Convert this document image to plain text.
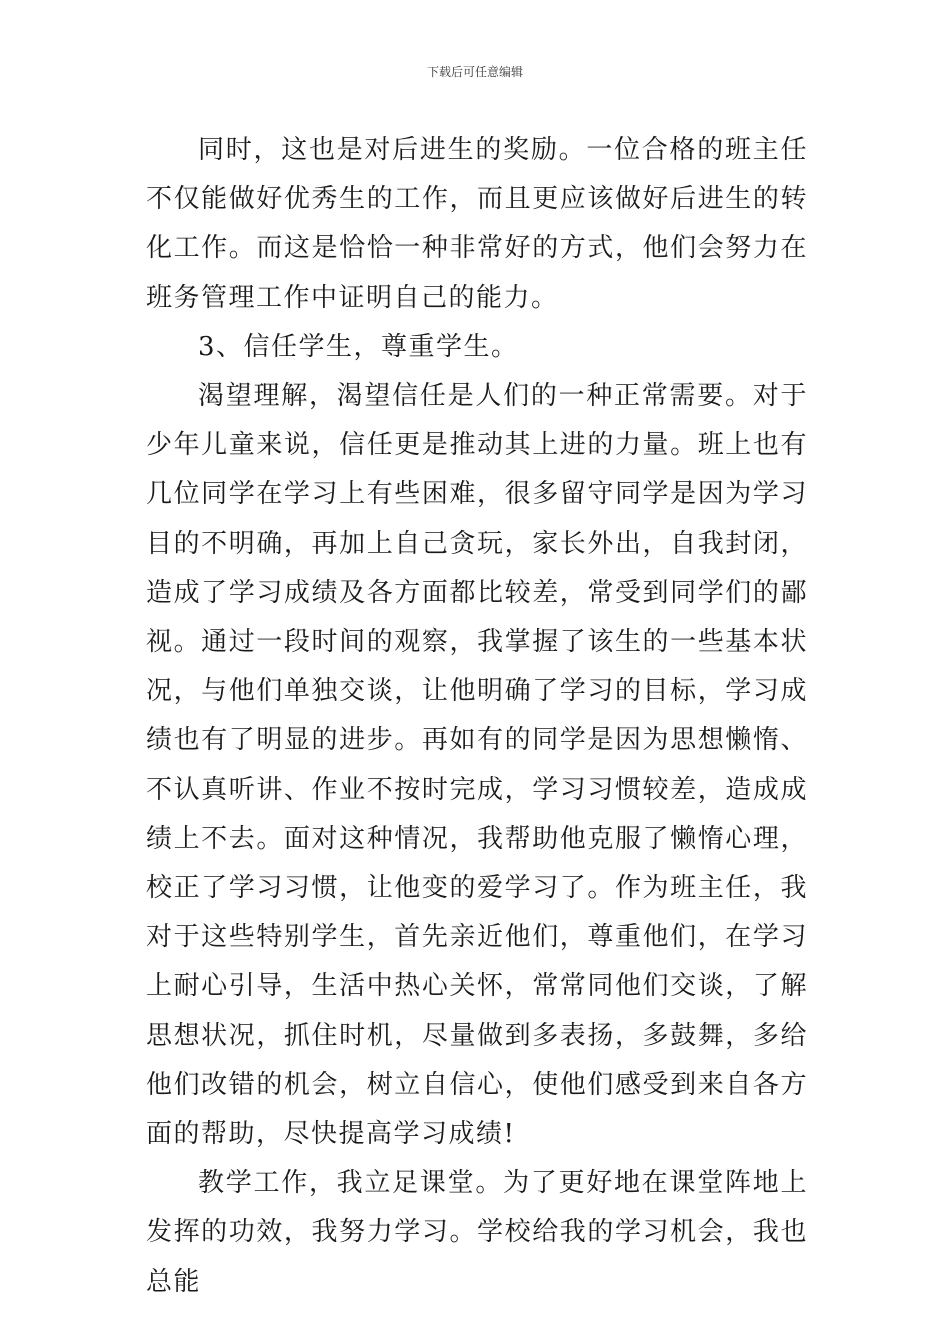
下载后可任意编辑

同时，这也是对后进生的奖励。一位合格的班主任不仅能做好优秀生的工作，而且更应该做好后进生的转化工作。而这是恰恰一种非常好的方式，他们会努力在班务管理工作中证明自己的能力。

3、信任学生，尊重学生。

渴望理解，渴望信任是人们的一种正常需要。对于少年儿童来说，信任更是推动其上进的力量。班上也有几位同学在学习上有些困难，很多留守同学是因为学习目的不明确，再加上自己贪玩，家长外出，自我封闭，造成了学习成绩及各方面都比较差，常受到同学们的鄙视。通过一段时间的观察，我掌握了该生的一些基本状况，与他们单独交谈，让他明确了学习的目标，学习成绩也有了明显的进步。再如有的同学是因为思想懒惰、不认真听讲、作业不按时完成，学习习惯较差，造成成绩上不去。面对这种情况，我帮助他克服了懒惰心理，校正了学习习惯，让他变的爱学习了。作为班主任，我对于这些特别学生，首先亲近他们，尊重他们，在学习上耐心引导，生活中热心关怀，常常同他们交谈，了解思想状况，抓住时机，尽量做到多表扬，多鼓舞，多给他们改错的机会，树立自信心，使他们感受到来自各方面的帮助，尽快提高学习成绩!

教学工作，我立足课堂。为了更好地在课堂阵地上发挥的功效，我努力学习。学校给我的学习机会，我也总能
